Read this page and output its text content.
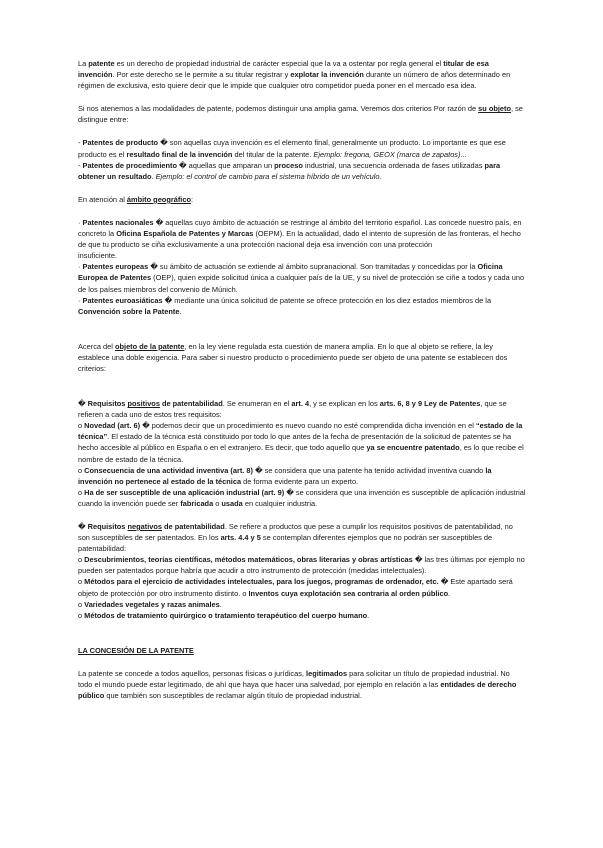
La patente es un derecho de propiedad industrial de carácter especial que la va a ostentar por regla general el titular de esa invención. Por este derecho se le permite a su titular registrar y explotar la invención durante un número de años determinado en régimen de exclusiva, esto quiere decir que le impide que cualquier otro competidor pueda poner en el mercado esa idea.

Si nos atenemos a las modalidades de patente, podemos distinguir una amplia gama. Veremos dos criterios Por razón de su objeto, se distingue entre:

- Patentes de producto � son aquellas cuya invención es el elemento final, generalmente un producto. Lo importante es que ese producto es el resultado final de la invención del titular de la patente. Ejemplo: fregona, GEOX (marca de zapatos)...

- Patentes de procedimiento � aquellas que amparan un proceso industrial, una secuencia ordenada de fases utilizadas para obtener un resultado. Ejemplo: el control de cambio para el sistema híbrido de un vehículo.

En atención al ámbito geográfico:

· Patentes nacionales � aquellas cuyo ámbito de actuación se restringe al ámbito del territorio español. Las concede nuestro país, en concreto la Oficina Española de Patentes y Marcas (OEPM). En la actualidad, dado el intento de supresión de las fronteras, el hecho de que tu producto se ciña exclusivamente a una protección nacional deja esa invención con una protección
insuficiente.

· Patentes europeas � su ámbito de actuación se extiende al ámbito supranacional. Son tramitadas y concedidas por la Oficina Europea de Patentes (OEP), quien expide solicitud única a cualquier país de la UE, y su nivel de protección se ciñe a todos y cada uno de los países miembros del convenio de Múnich.

· Patentes euroasiáticas � mediante una única solicitud de patente se ofrece protección en los diez estados miembros de la Convención sobre la Patente.

Acerca del objeto de la patente, en la ley viene regulada esta cuestión de manera amplia. En lo que al objeto se refiere, la ley establece una doble exigencia. Para saber si nuestro producto o procedimiento puede ser objeto de una patente se establecen dos criterios:

� Requisitos positivos de patentabilidad. Se enumeran en el art. 4, y se explican en los arts. 6, 8 y 9 Ley de Patentes, que se refieren a cada uno de estos tres requisitos:

o Novedad (art. 6) � podemos decir que un procedimiento es nuevo cuando no esté comprendida dicha invención en el “estado de la técnica”. El estado de la técnica está constituido por todo lo que antes de la fecha de presentación de la solicitud de patentes se ha hecho accesible al público en España o en el extranjero. Es decir, que todo aquello que ya se encuentre patentado, es lo que recibe el nombre de estado de la técnica.

o Consecuencia de una actividad inventiva (art. 8) � se considera que una patente ha tenido actividad inventiva cuando la invención no pertenece al estado de la técnica de forma evidente para un experto.

o Ha de ser susceptible de una aplicación industrial (art. 9) � se considera que una invención es susceptible de aplicación industrial cuando la invención puede ser fabricada o usada en cualquier industria.

� Requisitos negativos de patentabilidad. Se refiere a productos que pese a cumplir los requisitos positivos de patentabilidad, no son susceptibles de ser patentados. En los arts. 4.4 y 5 se contemplan diferentes ejemplos que no podrán ser susceptibles de patentabilidad:

o Descubrimientos, teorías científicas, métodos matemáticos, obras literarias y obras artísticas � las tres últimas por ejemplo no pueden ser patentados porque habría que acudir a otro instrumento de protección (medidas intelectuales).

o Métodos para el ejercicio de actividades intelectuales, para los juegos, programas de ordenador, etc. � Este apartado será objeto de protección por otro instrumento distinto. o Inventos cuya explotación sea contraria al orden público.

o Variedades vegetales y razas animales.

o Métodos de tratamiento quirúrgico o tratamiento terapéutico del cuerpo humano.

LA CONCESIÓN DE LA PATENTE

La patente se concede a todos aquellos, personas físicas o jurídicas, legitimados para solicitar un título de propiedad industrial. No todo el mundo puede estar legitimado, de ahí que haya que hacer una salvedad, por ejemplo en relación a las entidades de derecho público que también son susceptibles de reclamar algún título de propiedad industrial.
